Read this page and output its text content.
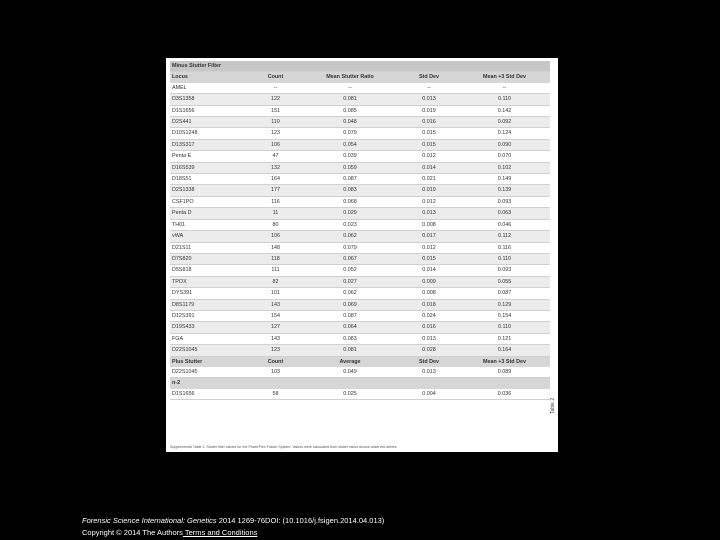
Minus Stutter Filter				
Locus	Count	Mean Stutter Ratio	Std Dev	Mean +3 Std Dev
AMEL	--	--	--	--
D3S1358	122	0.081	0.013	0.110
D1S1656	151	0.085	0.019	0.142
D2S441	110	0.048	0.016	0.092
D10S1248	123	0.079	0.015	0.124
D13S317	106	0.054	0.015	0.090
Penta E	47	0.039	0.012	0.070
D16S539	132	0.059	0.014	0.102
D18S51	164	0.087	0.021	0.149
D2S1338	177	0.083	0.019	0.139
CSF1PO	116	0.068	0.012	0.093
Penta D	11	0.029	0.013	0.063
TH01	80	0.023	0.008	0.046
vWA	106	0.062	0.017	0.112
D21S11	148	0.079	0.012	0.116
D7S820	118	0.067	0.015	0.110
D5S818	111	0.052	0.014	0.093
TPOX	82	0.027	0.009	0.055
DYS391	101	0.062	0.008	0.087
D8S1179	143	0.069	0.018	0.129
D12S391	154	0.087	0.024	0.154
D19S433	127	0.064	0.016	0.110
FGA	143	0.083	0.013	0.121
D22S1045	123	0.081	0.028	0.164
Plus Stutter	Count	Average	Std Dev	Mean +3 Std Dev
D22S1045	103	0.049	0.013	0.089
n-2				
D1S1656	58	0.025	0.004	0.036
Supplemental Table 2. Stutter filter values for the PowerPlex Fusion System. Values were calculated from stutter ratios across observed alleles.
Table 2
Forensic Science International: Genetics 2014 1269-76DOI: (10.1016/j.fsigen.2014.04.013)
Copyright © 2014 The Authors Terms and Conditions
